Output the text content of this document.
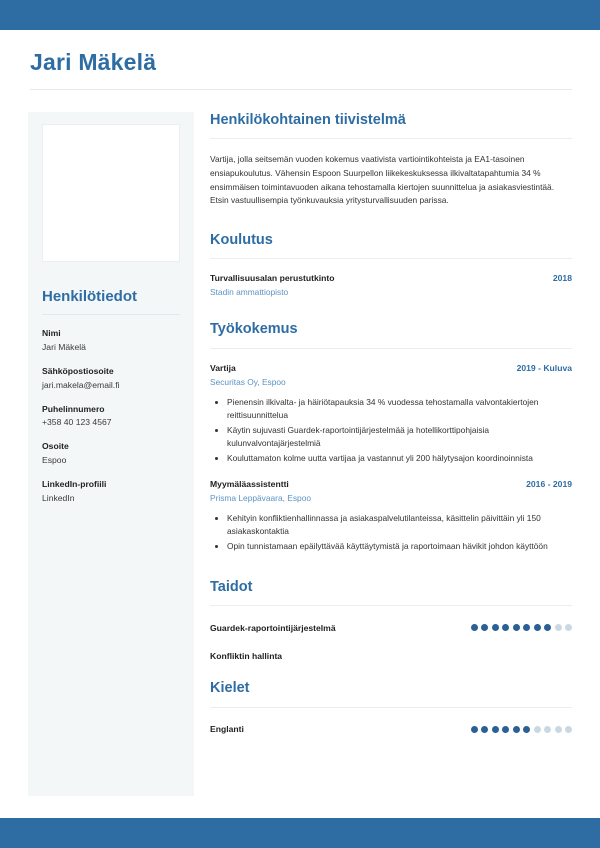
Jari Mäkelä
Henkilötiedot
Nimi
Jari Mäkelä
Sähköpostiosoite
jari.makela@email.fi
Puhelinnumero
+358 40 123 4567
Osoite
Espoo
LinkedIn-profiili
LinkedIn
Henkilökohtainen tiivistelmä
Vartija, jolla seitsemän vuoden kokemus vaativista vartiointikohteista ja EA1-tasoinen ensiapukoulutus. Vähensin Espoon Suurpellon liikekeskuksessa ilkivaltatapahtumia 34 % ensimmäisen toimintavuoden aikana tehostamalla kiertojen suunnittelua ja asiakasviestintää. Etsin vastuullisempia työnkuvauksia yritysturvallisuuden parissa.
Koulutus
Turvallisuusalan perustutkinto	2018
Stadin ammattiopisto
Työkokemus
Vartija	2019 - Kuluva
Securitas Oy, Espoo
• Pienensin ilkivalta- ja häiriötapauksia 34 % vuodessa tehostamalla valvontakiertojen reittisuunnittelua
• Käytin sujuvasti Guardek-raportointijärjestelmää ja hotellikorttipohjaisia kulunvalvontajärjestelmiä
• Kouluttamaton kolme uutta vartijaa ja vastannut yli 200 hälytysajon koordinoinnista
Myymäläassistentti	2016 - 2019
Prisma Leppävaara, Espoo
• Kehityin konfliktienhallinnassa ja asiakaspalvelutilanteissa, käsittelin päivittäin yli 150 asiakaskontaktia
• Opin tunnistamaan epäilyttävää käyttäytymistä ja raportoimaan hävikit johdon käyttöön
Taidot
Guardek-raportointijärjestelmä
Konfliktin hallinta
Kielet
Englanti
